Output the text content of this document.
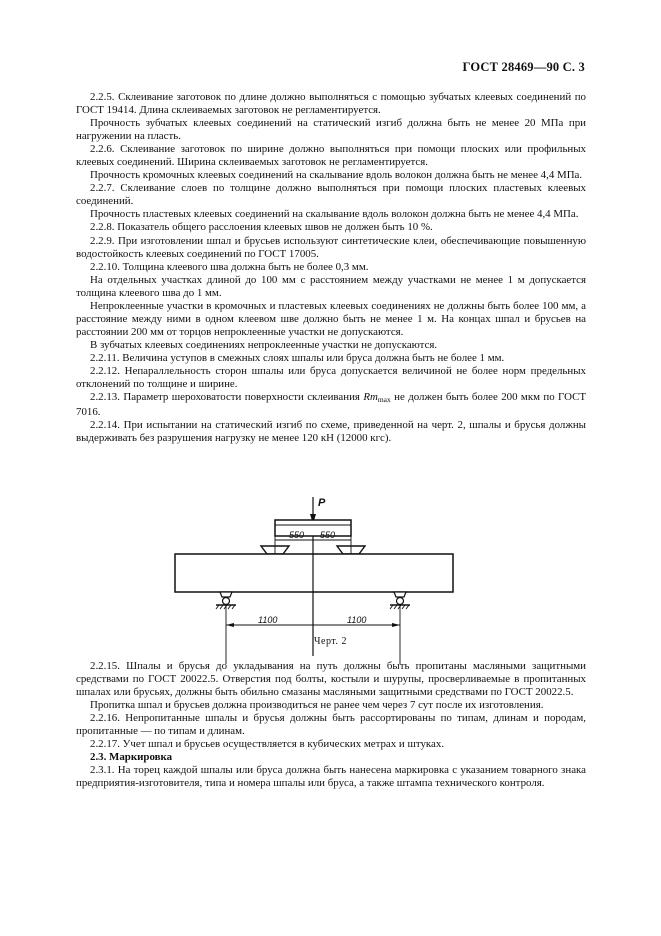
ГОСТ 28469—90 С. 3

2.2.5. Склеивание заготовок по длине должно выполняться с помощью зубчатых клеевых соединений по ГОСТ 19414. Длина склеиваемых заготовок не регламентируется.

Прочность зубчатых клеевых соединений на статический изгиб должна быть не менее 20 МПа при нагружении на пласть.

2.2.6. Склеивание заготовок по ширине должно выполняться при помощи плоских или профильных клеевых соединений. Ширина склеиваемых заготовок не регламентируется.

Прочность кромочных клеевых соединений на скалывание вдоль волокон должна быть не менее 4,4 МПа.

2.2.7. Склеивание слоев по толщине должно выполняться при помощи плоских пластевых клеевых соединений.

Прочность пластевых клеевых соединений на скалывание вдоль волокон должна быть не менее 4,4 МПа.

2.2.8. Показатель общего расслоения клеевых швов не должен быть 10 %.

2.2.9. При изготовлении шпал и брусьев используют синтетические клеи, обеспечивающие повышенную водостойкость клеевых соединений по ГОСТ 17005.

2.2.10. Толщина клеевого шва должна быть не более 0,3 мм.

На отдельных участках длиной до 100 мм с расстоянием между участками не менее 1 м допускается толщина клеевого шва до 1 мм.

Непроклеенные участки в кромочных и пластевых клеевых соединениях не должны быть более 100 мм, а расстояние между ними в одном клеевом шве должно быть не менее 1 м. На концах шпал и брусьев на расстоянии 200 мм от торцов непроклеенные участки не допускаются.

В зубчатых клеевых соединениях непроклеенные участки не допускаются.

2.2.11. Величина уступов в смежных слоях шпалы или бруса должна быть не более 1 мм.

2.2.12. Непараллельность сторон шпалы или бруса допускается величиной не более норм предельных отклонений по толщине и ширине.

2.2.13. Параметр шероховатости поверхности склеивания $Rm_{max}$ не должен быть более 200 мкм по ГОСТ 7016.

2.2.14. При испытании на статический изгиб по схеме, приведенной на черт. 2, шпалы и брусья должны выдерживать без разрушения нагрузку не менее 120 кН (12000 кгс).

P
550 550
1100	1100
Черт. 2

2.2.15. Шпалы и брусья до укладывания на путь должны быть пропитаны масляными защитными средствами по ГОСТ 20022.5. Отверстия под болты, костыли и шурупы, просверливаемые в пропитанных шпалах или брусьях, должны быть обильно смазаны масляными защитными средствами по ГОСТ 20022.5.

Пропитка шпал и брусьев должна производиться не ранее чем через 7 сут после их изготовления.

2.2.16. Непропитанные шпалы и брусья должны быть рассортированы по типам, длинам и породам, пропитанные — по типам и длинам.

2.2.17. Учет шпал и брусьев осуществляется в кубических метрах и штуках.

2.3. Маркировка

2.3.1. На торец каждой шпалы или бруса должна быть нанесена маркировка с указанием товарного знака предприятия-изготовителя, типа и номера шпалы или бруса, а также штампа технического контроля.
